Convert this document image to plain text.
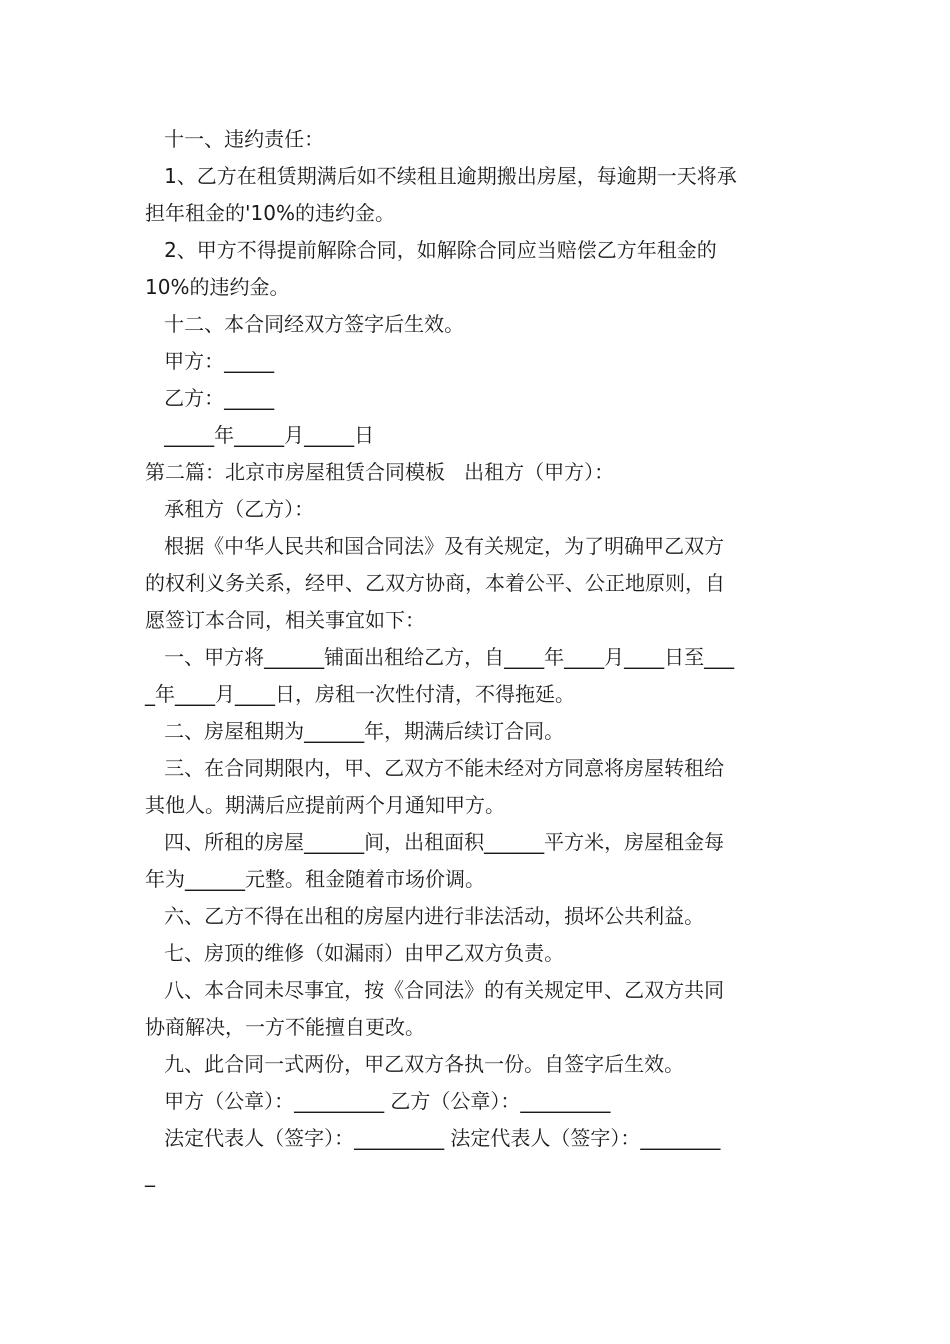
十一、违约责任：

1、乙方在租赁期满后如不续租且逾期搬出房屋，每逾期一天将承

担年租金的'10%的违约金。

2、甲方不得提前解除合同，如解除合同应当赔偿乙方年租金的

10%的违约金。

十二、本合同经双方签字后生效。

甲方：_____

乙方：_____

_____年_____月_____日

第二篇：北京市房屋租赁合同模板   出租方（甲方）：

承租方（乙方）：

根据《中华人民共和国合同法》及有关规定，为了明确甲乙双方

的权利义务关系，经甲、乙双方协商，本着公平、公正地原则，自

愿签订本合同，相关事宜如下：

一、甲方将______铺面出租给乙方，自____年____月____日至___

_年____月____日，房租一次性付清，不得拖延。

二、房屋租期为______年，期满后续订合同。

三、在合同期限内，甲、乙双方不能未经对方同意将房屋转租给

其他人。期满后应提前两个月通知甲方。

四、所租的房屋______间，出租面积______平方米，房屋租金每

年为______元整。租金随着市场价调。

六、乙方不得在出租的房屋内进行非法活动，损坏公共利益。

七、房顶的维修（如漏雨）由甲乙双方负责。

八、本合同未尽事宜，按《合同法》的有关规定甲、乙双方共同

协商解决，一方不能擅自更改。

九、此合同一式两份，甲乙双方各执一份。自签字后生效。

甲方（公章）：_________ 乙方（公章）：_________

法定代表人（签字）：_________ 法定代表人（签字）：________

_
